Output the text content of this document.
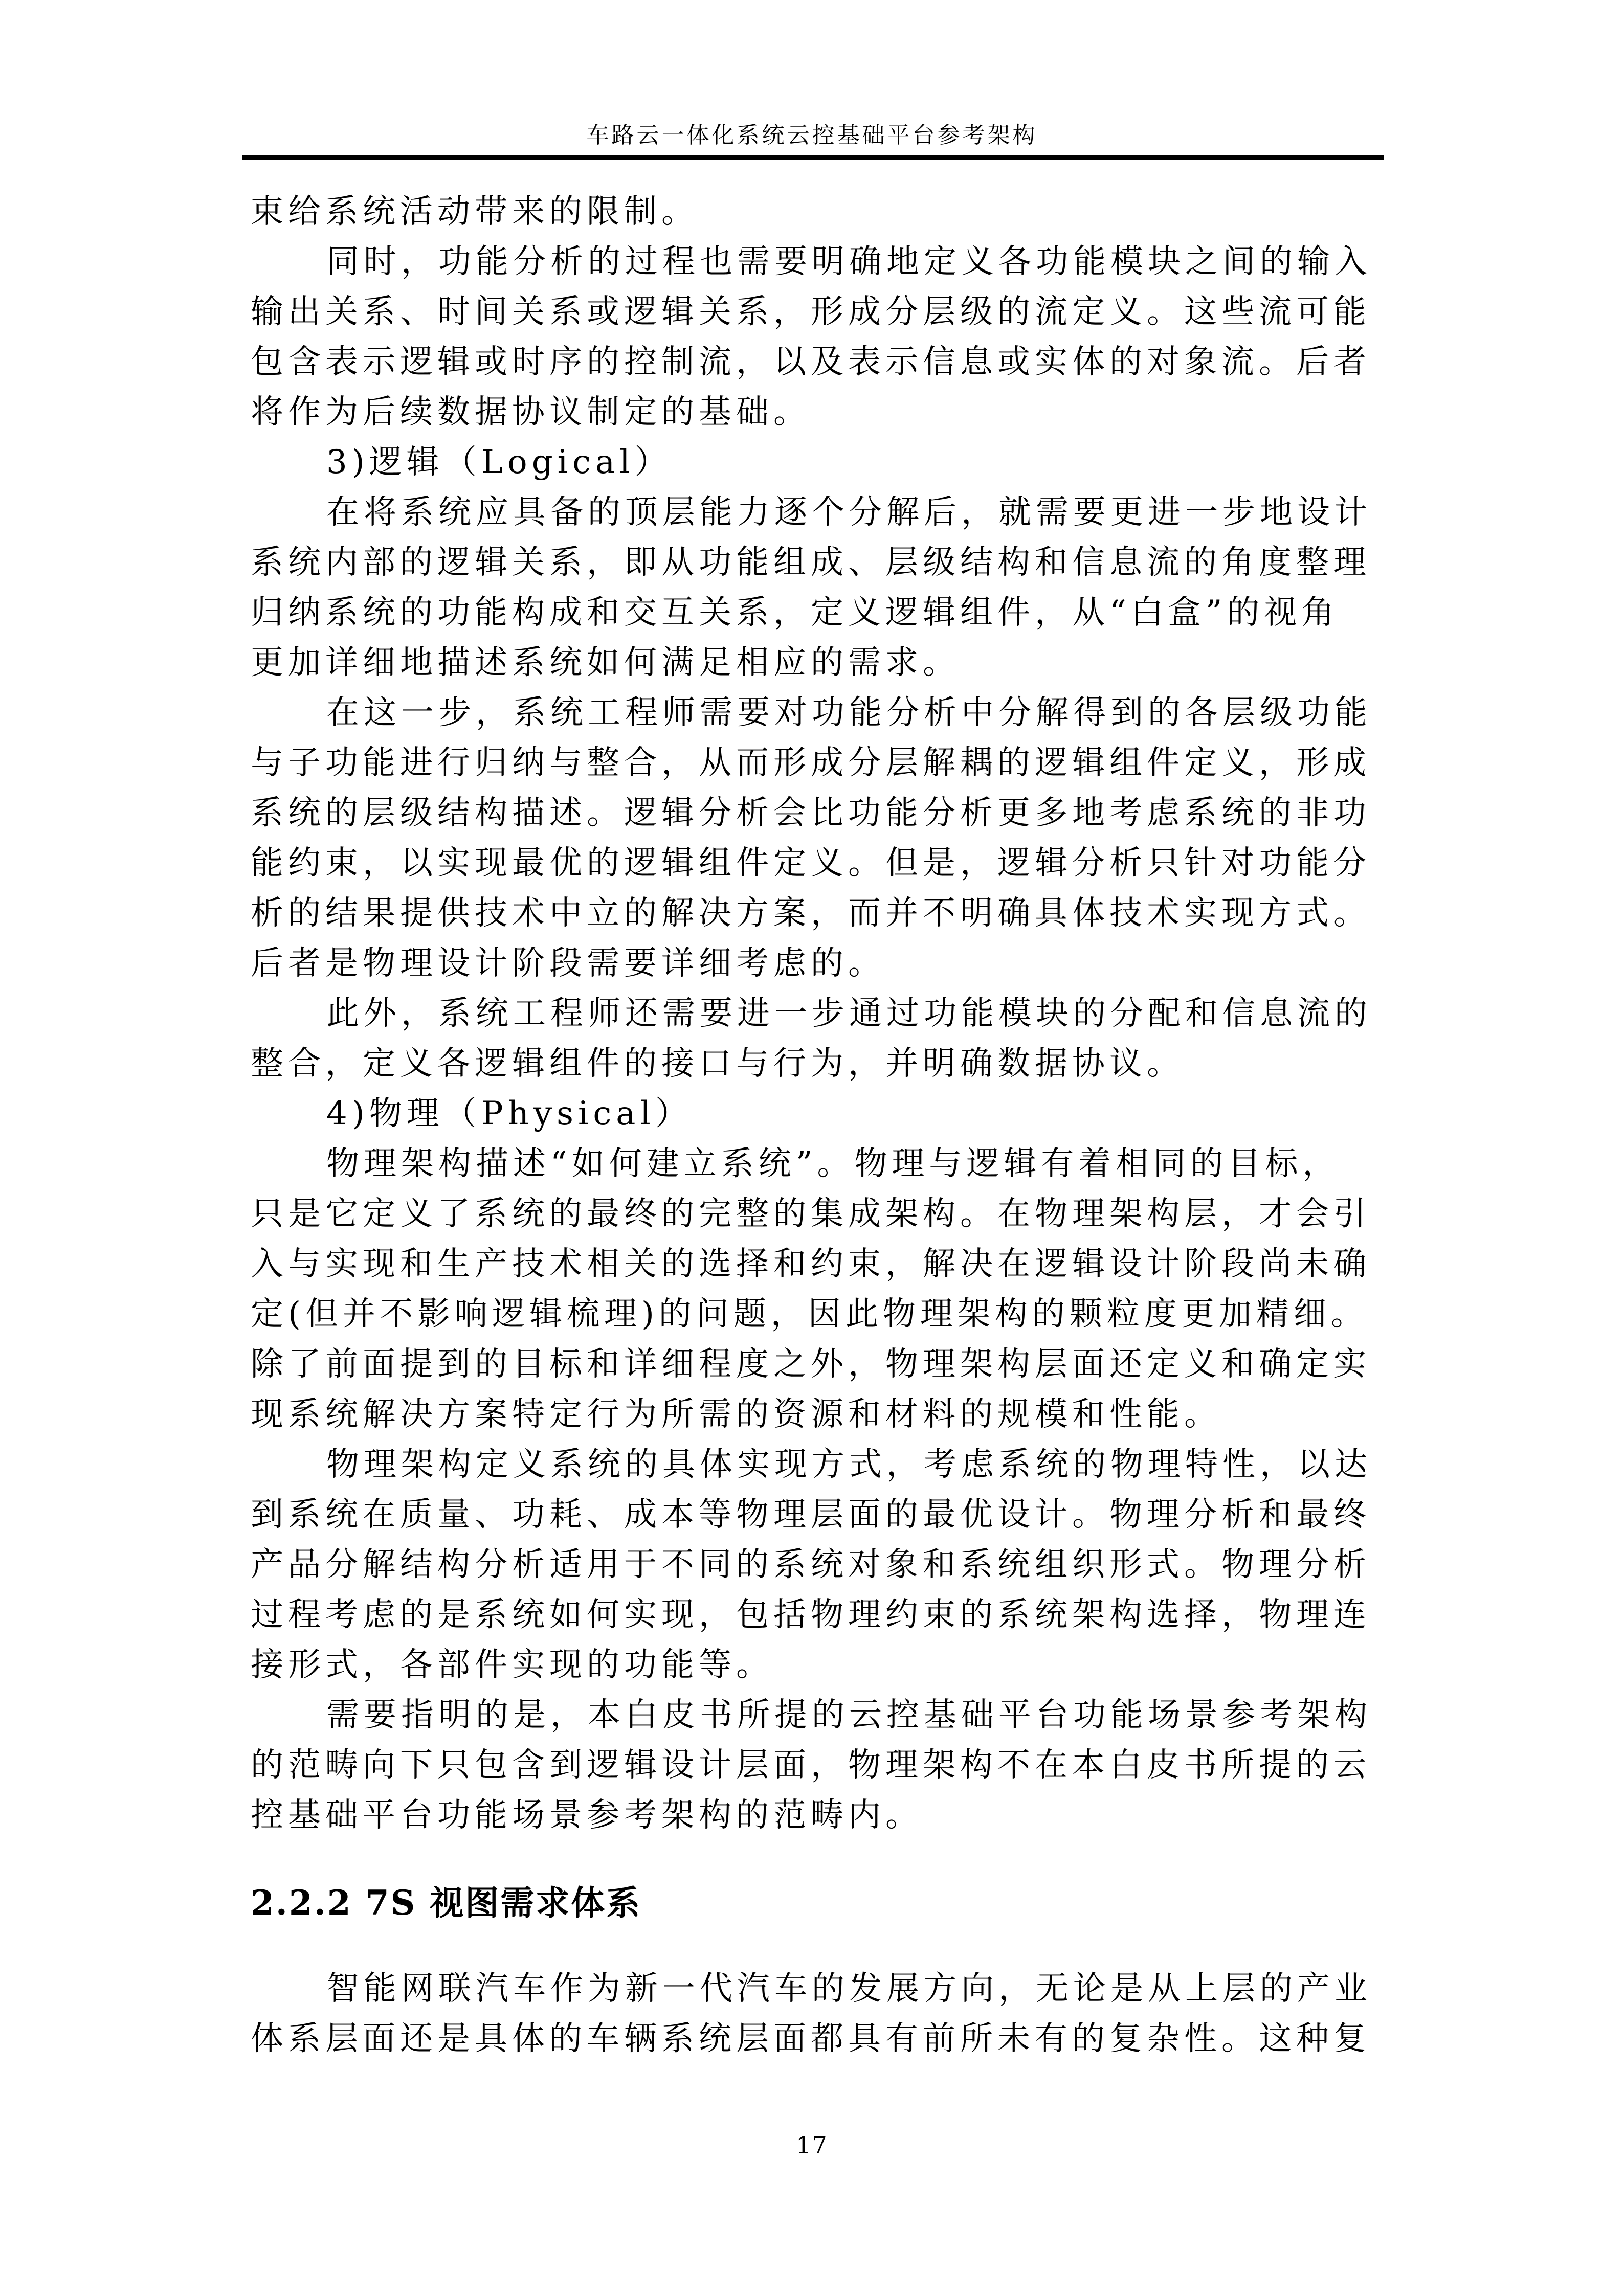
车路云一体化系统云控基础平台参考架构
束给系统活动带来的限制。
同时，功能分析的过程也需要明确地定义各功能模块之间的输入
输出关系、时间关系或逻辑关系，形成分层级的流定义。这些流可能
包含表示逻辑或时序的控制流，以及表示信息或实体的对象流。后者
将作为后续数据协议制定的基础。
3)逻辑（Logical）
在将系统应具备的顶层能力逐个分解后，就需要更进一步地设计
系统内部的逻辑关系，即从功能组成、层级结构和信息流的角度整理
归纳系统的功能构成和交互关系，定义逻辑组件，从“白盒”的视角
更加详细地描述系统如何满足相应的需求。
在这一步，系统工程师需要对功能分析中分解得到的各层级功能
与子功能进行归纳与整合，从而形成分层解耦的逻辑组件定义，形成
系统的层级结构描述。逻辑分析会比功能分析更多地考虑系统的非功
能约束，以实现最优的逻辑组件定义。但是，逻辑分析只针对功能分
析的结果提供技术中立的解决方案，而并不明确具体技术实现方式。
后者是物理设计阶段需要详细考虑的。
此外，系统工程师还需要进一步通过功能模块的分配和信息流的
整合，定义各逻辑组件的接口与行为，并明确数据协议。
4)物理（Physical）
物理架构描述“如何建立系统”。物理与逻辑有着相同的目标，
只是它定义了系统的最终的完整的集成架构。在物理架构层，才会引
入与实现和生产技术相关的选择和约束，解决在逻辑设计阶段尚未确
定(但并不影响逻辑梳理)的问题，因此物理架构的颗粒度更加精细。
除了前面提到的目标和详细程度之外，物理架构层面还定义和确定实
现系统解决方案特定行为所需的资源和材料的规模和性能。
物理架构定义系统的具体实现方式，考虑系统的物理特性，以达
到系统在质量、功耗、成本等物理层面的最优设计。物理分析和最终
产品分解结构分析适用于不同的系统对象和系统组织形式。物理分析
过程考虑的是系统如何实现，包括物理约束的系统架构选择，物理连
接形式，各部件实现的功能等。
需要指明的是，本白皮书所提的云控基础平台功能场景参考架构
的范畴向下只包含到逻辑设计层面，物理架构不在本白皮书所提的云
控基础平台功能场景参考架构的范畴内。
2.2.2 7S 视图需求体系
智能网联汽车作为新一代汽车的发展方向，无论是从上层的产业
体系层面还是具体的车辆系统层面都具有前所未有的复杂性。这种复
17
